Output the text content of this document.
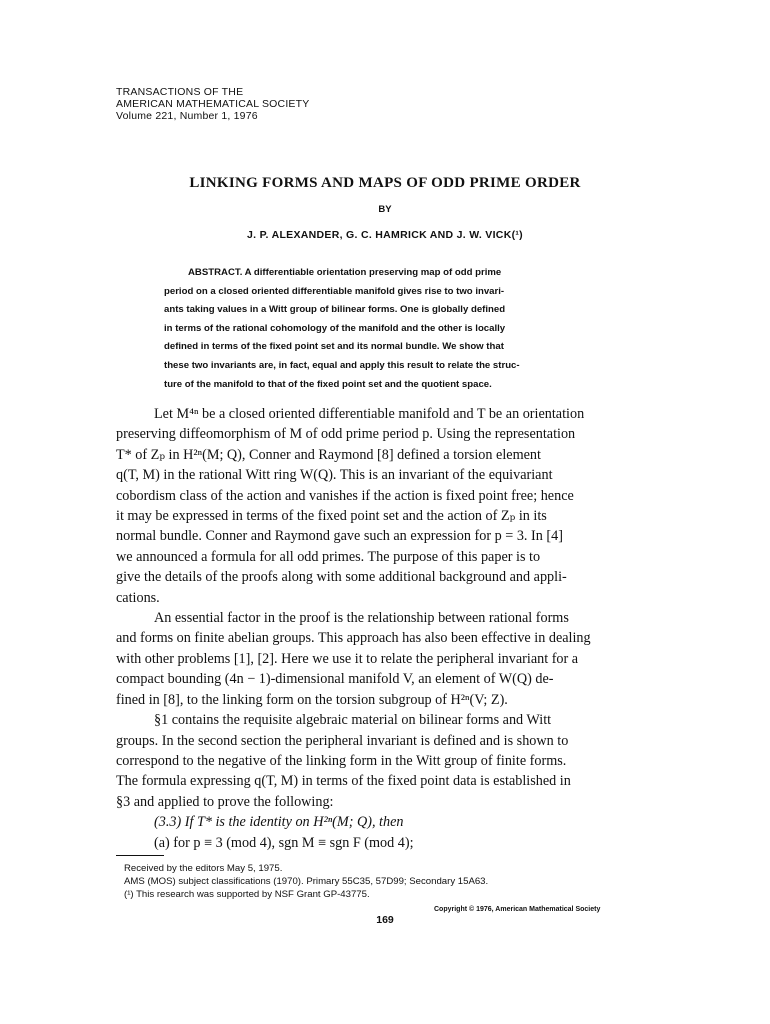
TRANSACTIONS OF THE
AMERICAN MATHEMATICAL SOCIETY
Volume 221, Number 1, 1976
LINKING FORMS AND MAPS OF ODD PRIME ORDER
BY
J. P. ALEXANDER, G. C. HAMRICK AND J. W. VICK(¹)
ABSTRACT. A differentiable orientation preserving map of odd prime
period on a closed oriented differentiable manifold gives rise to two invari-
ants taking values in a Witt group of bilinear forms. One is globally defined
in terms of the rational cohomology of the manifold and the other is locally
defined in terms of the fixed point set and its normal bundle. We show that
these two invariants are, in fact, equal and apply this result to relate the struc-
ture of the manifold to that of the fixed point set and the quotient space.
Let M⁴ⁿ be a closed oriented differentiable manifold and T be an orientation
preserving diffeomorphism of M of odd prime period p. Using the representation
T* of Zₚ in H²ⁿ(M; Q), Conner and Raymond [8] defined a torsion element
q(T, M) in the rational Witt ring W(Q). This is an invariant of the equivariant
cobordism class of the action and vanishes if the action is fixed point free; hence
it may be expressed in terms of the fixed point set and the action of Zₚ in its
normal bundle. Conner and Raymond gave such an expression for p = 3. In [4]
we announced a formula for all odd primes. The purpose of this paper is to
give the details of the proofs along with some additional background and appli-
cations.
An essential factor in the proof is the relationship between rational forms
and forms on finite abelian groups. This approach has also been effective in dealing
with other problems [1], [2]. Here we use it to relate the peripheral invariant for a
compact bounding (4n − 1)-dimensional manifold V, an element of W(Q) de-
fined in [8], to the linking form on the torsion subgroup of H²ⁿ(V; Z).
§1 contains the requisite algebraic material on bilinear forms and Witt
groups. In the second section the peripheral invariant is defined and is shown to
correspond to the negative of the linking form in the Witt group of finite forms.
The formula expressing q(T, M) in terms of the fixed point data is established in
§3 and applied to prove the following:
(3.3) If T* is the identity on H²ⁿ(M; Q), then
(a) for p ≡ 3 (mod 4), sgn M ≡ sgn F (mod 4);
Received by the editors May 5, 1975.
AMS (MOS) subject classifications (1970). Primary 55C35, 57D99; Secondary 15A63.
(¹) This research was supported by NSF Grant GP-43775.
Copyright © 1976, American Mathematical Society
169
